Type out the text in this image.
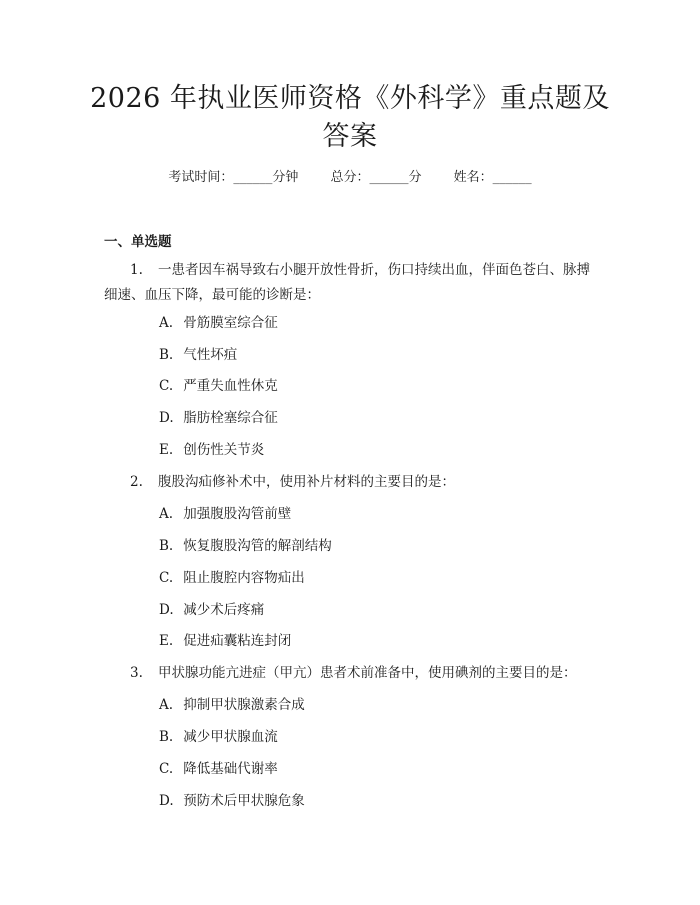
2026 年执业医师资格《外科学》重点题及答案
考试时间：______分钟 总分：______分 姓名：______
一、单选题
1. 一患者因车祸导致右小腿开放性骨折，伤口持续出血，伴面色苍白、脉搏细速、血压下降，最可能的诊断是：
A. 骨筋膜室综合征
B. 气性坏疽
C. 严重失血性休克
D. 脂肪栓塞综合征
E. 创伤性关节炎
2. 腹股沟疝修补术中，使用补片材料的主要目的是：
A. 加强腹股沟管前壁
B. 恢复腹股沟管的解剖结构
C. 阻止腹腔内容物疝出
D. 减少术后疼痛
E. 促进疝囊粘连封闭
3. 甲状腺功能亢进症（甲亢）患者术前准备中，使用碘剂的主要目的是：
A. 抑制甲状腺激素合成
B. 减少甲状腺血流
C. 降低基础代谢率
D. 预防术后甲状腺危象
